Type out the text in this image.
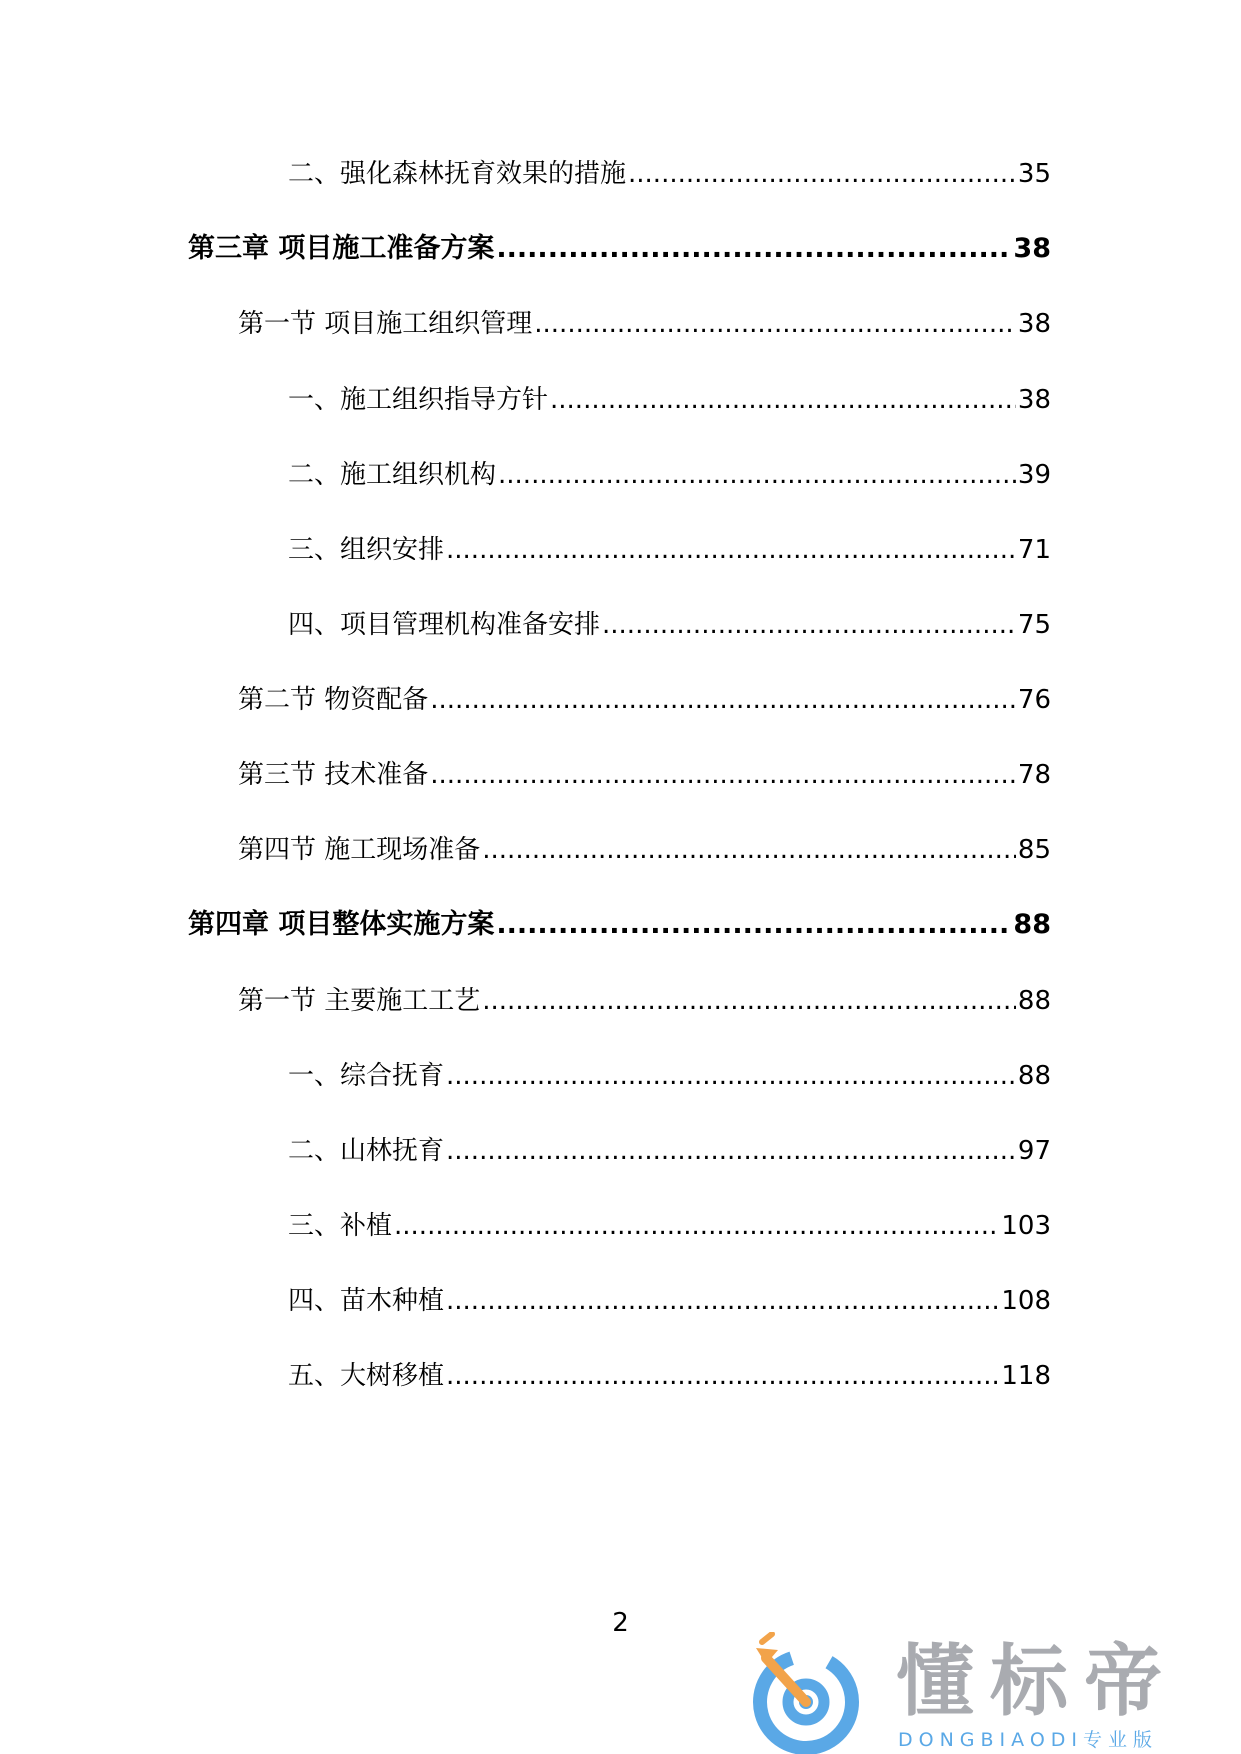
二、强化森林抚育效果的措施 .....	35
第三章 项目施工准备方案 .....	38
第一节 项目施工组织管理 .....	38
一、施工组织指导方针 .....	38
二、施工组织机构 .....	39
三、组织安排 .....	71
四、项目管理机构准备安排 .....	75
第二节 物资配备 .....	76
第三节 技术准备 .....	78
第四节 施工现场准备 .....	85
第四章 项目整体实施方案 .....	88
第一节 主要施工工艺 .....	88
一、综合抚育 .....	88
二、山林抚育 .....	97
三、补植 .....	103
四、苗木种植 .....	108
五、大树移植 .....	118
2
懂标帝
DONGBIAODI专业版
